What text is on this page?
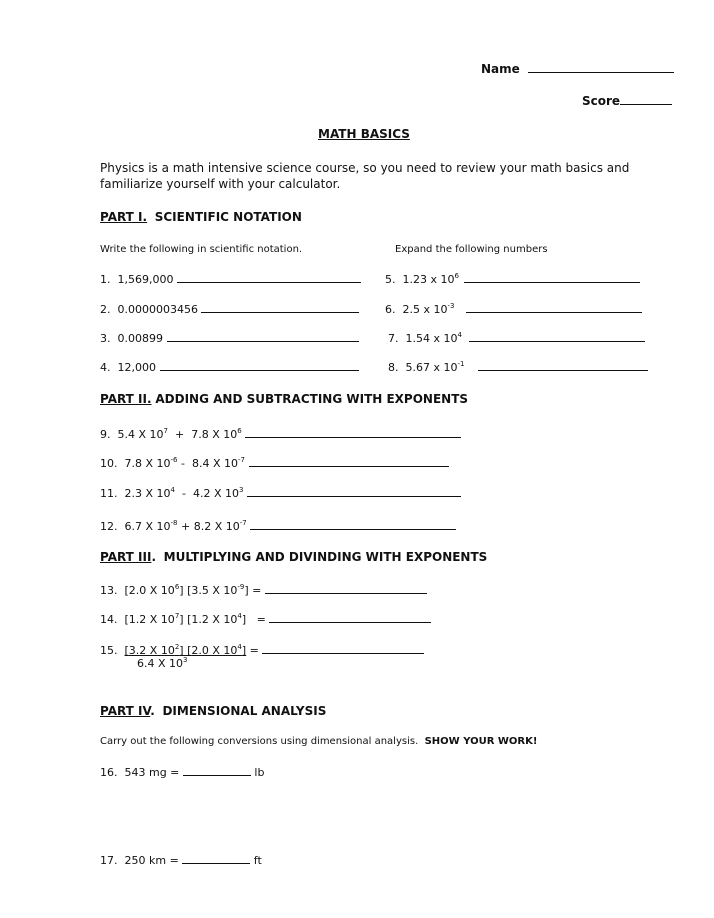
Name
Score
MATH BASICS
Physics is a math intensive science course, so you need to review your math basics and familiarize yourself with your calculator.
PART I. SCIENTIFIC NOTATION
Write the following in scientific notation.	Expand the following numbers
1.  1,569,000
2.  0.0000003456
3.  0.00899
4.  12,000
5.  1.23 x $10^6$
6.  2.5 x $10^{-3}$
7.  1.54 x $10^4$
8.  5.67 x $10^{-1}$
PART II. ADDING AND SUBTRACTING WITH EXPONENTS
9.  5.4 X $10^7 + 7.8$ X $10^6$
10.  7.8 X $10^{-6} - 8.4$ X $10^{-7}$
11.  2.3 X $10^4 - 4.2$ X $10^3$
12.  6.7 X $10^{-8} + 8.2$ X $10^{-7}$
PART III. MULTIPLYING AND DIVINDING WITH EXPONENTS
13.  [2.0 X $10^6$] [3.5 X $10^{-9}$] =
14.  [1.2 X $10^7$] [1.2 X $10^4$]   =
15.  [3.2 X $10^2$] [2.0 X $10^4$] =
6.4 X $10^3$
PART IV. DIMENSIONAL ANALYSIS
Carry out the following conversions using dimensional analysis. SHOW YOUR WORK!
16.  543 mg =	lb
17.  250 km =	ft
